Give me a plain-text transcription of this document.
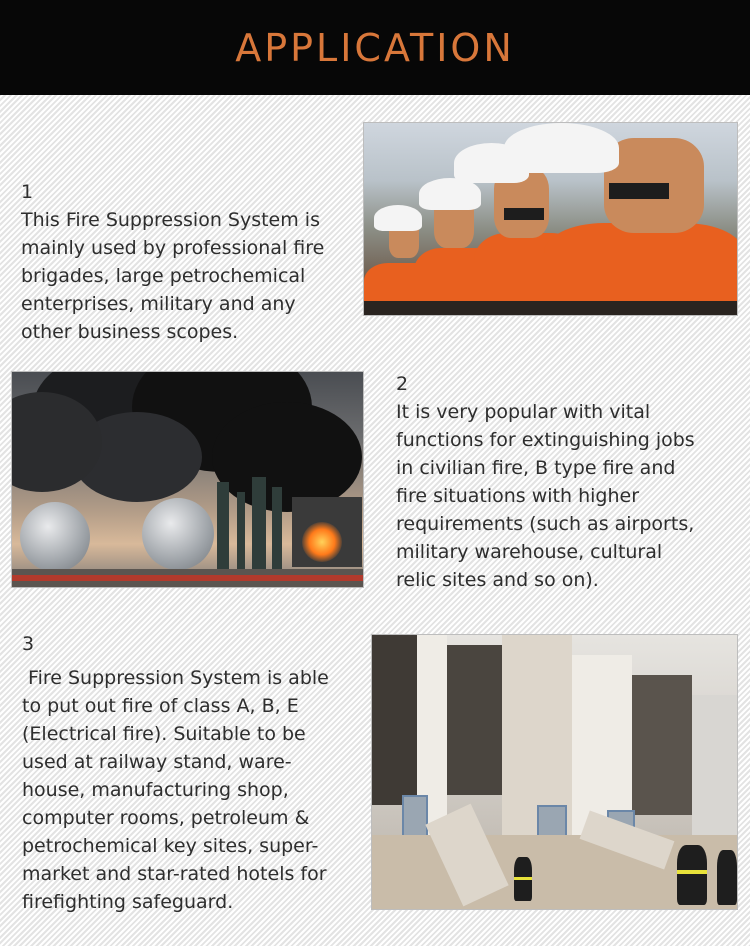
APPLICATION
1
This Fire Suppression System is
mainly used by professional fire
brigades, large petrochemical
enterprises, military and any
other business scopes.
2
It is very popular with vital
functions for extinguishing jobs
in civilian fire, B type fire and
fire situations with higher
requirements (such as airports,
military warehouse, cultural
relic sites and so on).
3
Fire Suppression System is able
to put out fire of class A, B, E
(Electrical fire). Suitable to be
used at railway stand, ware-
house, manufacturing shop,
computer rooms, petroleum &
petrochemical key sites, super-
market and star-rated hotels for
firefighting safeguard.
